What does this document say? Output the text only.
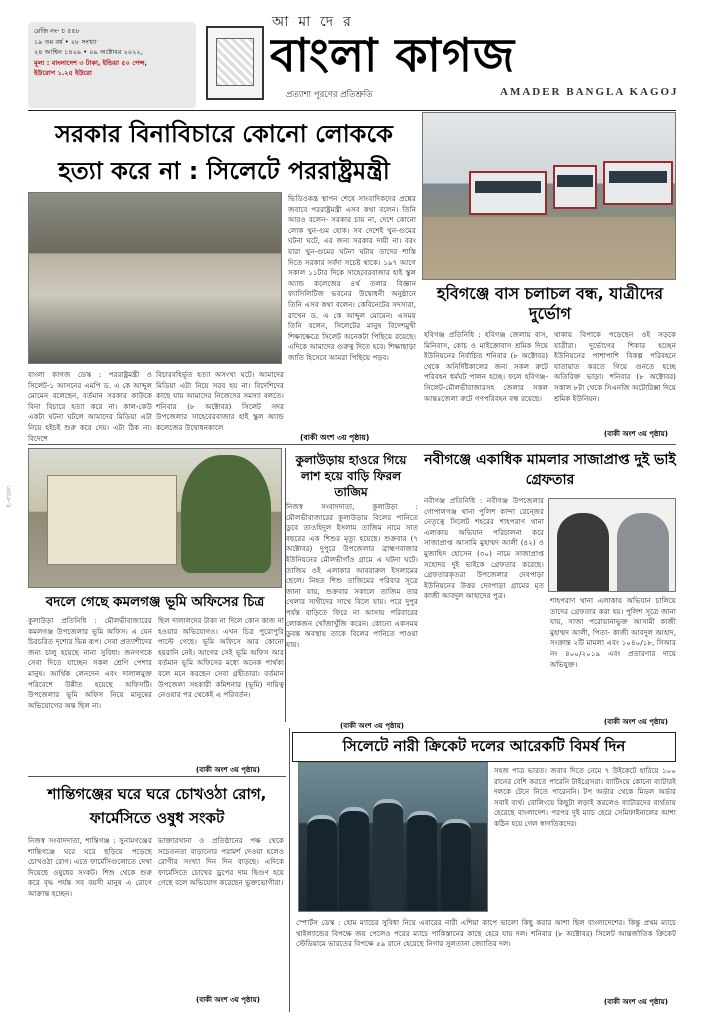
রেজি নং- চ ৫৫৮
১৯ তম বর্ষ • ২৮ সংখ্যা
২৪ আশ্বিন ১৪২৯ • ০৯ অক্টোবর ২০২২,
মূল্য : বাংলাদেশ ৩ টাকা, ইন্ডিয়া ৫০ পেন্স,
ইউরোপ ১.২৫ ইউরো
আমাদের
বাংলা কাগজ
প্রত্যাশা পূরণের প্রতিশ্রুতি	AMADER BANGLA KAGOJ
সরকার বিনাবিচারে কোনো লোককে হত্যা করে না : সিলেটে পররাষ্ট্রমন্ত্রী
ভিডিওকন্ত্র স্থাপন শেষে সাংবাদিকদের প্রশ্নের জবাবে পররাষ্ট্রমন্ত্রী এসব কথা বলেন। তিনি আরও বলেন- সরকার চায় না, দেশে কোনো লোক খুন-গুম হোক। সব দেশেই খুন-গুমের ঘটনা ঘটে, এর জন্য সরকার দায়ী না। বরং যারা খুন-গুমের ঘটনা ঘটায় তাদের শাস্তি দিতে সরকার সর্বদা সচেষ্ট থাকে। ১৯৭ আগে সকাল ১১টার দিকে সাহেবেরবাজার হাই স্কুল অ্যান্ড কলেজের ৪র্থ তলার বিজ্ঞান ফ্যাসিলিটিজ ভবনের উদ্বোধনী অনুষ্ঠানে তিনি এসব কথা বলেন। কেবিনেটের সদস্যরা, রাখেন ড. এ কে আব্দুল মোমেন। এসময় তিনি বলেন, সিলেটের মানুষ বিদেশমুখী শিক্ষাক্ষেত্রে সিলেট অনেকটা পিছিয়ে রয়েছে। এদিকে আমাদের গুরুত্ব দিতে হবে। শিক্ষাছাড়া জাতি হিসেবে আমরা পিছিয়ে পড়ব।
বাংলা কাগজ ডেস্ক : পররাষ্ট্রমন্ত্রী ও সিলেট-১ আসনের এমপি ড. এ কে আব্দুল মোমেন বলেছেন, বর্তমান সরকার কাউকে বিনা বিচারে হত্যা করে না। কাল-কেউ একটা ঘটনা ঘটলে আমাদের মিডিয়া এটা নিয়ে হইচই শুরু করে দেয়। এটা ঠিক না। বিদেশে
বিচারবহির্ভূত হত্যা অসংখ্য ঘটে। আমাদের মিডিয়া এটা নিয়ে সরব হয় না। বিদেশিদের কাছে যায় আমাদের নিজেদের সমস্যা বলতে। শনিবার (৮ অক্টোবর) সিলেট সদর উপজেলার সাহেবেরবাজার হাই স্কুল অ্যান্ড কলেজের উদ্বোধনকালে
(বাকী অংশ ৩য় পৃষ্ঠায়)
হবিগঞ্জে বাস চলাচল বন্ধ, যাত্রীদের দুর্ভোগ
হবিগঞ্জ প্রতিনিধি : হবিগঞ্জ জেলায় বাস, মিনিবাস, কোচ ও মাইক্রোবাস শ্রমিক দিয়ে ইউনিয়নের নির্বাচিত শনিবার (৮ অক্টোবর) থেকে অনির্দিষ্টকালের জন্য সকল রুটে পরিবহন ধর্মঘট পালন হচ্ছে। ফলে হবিগঞ্জ-সিলেট-মৌলভীবাজারসহ জেলার সকল আন্তঃজেলা রুটে গণপরিবহন বন্ধ রয়েছে।
থাকায় বিপাকে পড়েছেন ওই সড়কে যাত্রীরা। দুর্ভোগের শিকার হচ্ছেন ইউনিয়নের পাশাপাশি বিকল্প পরিবহনে যাতায়াত করতে গিয়ে গুনতে হচ্ছে অতিরিক্ত ভাড়া। শনিবার (৮ অক্টোবর) সকাল ৮টা থেকে সিএনজি অটোরিক্সা দিয়ে শ্রমিক ইউনিয়ন।
(বাকী অংশ ৩য় পৃষ্ঠায়)
কুলাউড়ায় হাওরে গিয়ে লাশ হয়ে বাড়ি ফিরল তাজিম
নিজস্ব সংবাদদাতা, কুলাউড়া : মৌলভীবাজারের কুলাউড়ায় বিলের পানিতে ডুবে তাওহিদুল ইসলাম তাজিম নামে সাত বছরের এক শিশুর মৃত্যু হয়েছে। শুক্রবার (৭ অক্টোবর) দুপুরে উপজেলার ব্রাহ্মণবাজার ইউনিয়নের মৌলভীগাঁও গ্রামে এ ঘটনা ঘটে। তাজিম ওই এলাকার আবরারুল ইসলামের ছেলে। নিহত শিশু তাজিমের পরিবার সূত্রে জানা যায়, শুক্রবার সকালে তাজিম তার খেলার সাথীদের সাথে বিলে যায়। পরে দুপুর পর্যন্ত বাড়িতে ফিরে না আসায় পরিবারের লোকজন খোঁজাখুঁজি করেন। কোনো একসময় ডুবন্ত অবস্থায় তাকে বিলের পানিতে পাওয়া যায়।
(বাকী অংশ ৩য় পৃষ্ঠায়)
নবীগঞ্জে একাধিক মামলার সাজাপ্রাপ্ত দুই ভাই গ্রেফতার
নবীগঞ্জ প্রতিনিধি : নবীগঞ্জ উপজেলার গোপালগঞ্জ থানা পুলিশ কান্দা রেন্জের নেতৃত্বে সিলেট শহরের শাহপরাণ থানা এলাকায় অভিযান পরিচালনা করে সাজাপ্রাপ্ত আসামি মুহাম্মদ আলী (৪২) ও মুজাহিদ হোসেন (৩০) নামে সাজাপ্রাপ্ত সহোদর দুই ভাইকে গ্রেফতার করেছে। গ্রেফতারকৃতরা উপজেলার দেবপাড়া ইউনিয়নের উত্তর দেবপাড়া গ্রামের মৃত কাজী আবদুল আহাদের পুত্র।
শাহপরাণ থানা এলাকায় অভিযান চালিয়ে তাদের গ্রেফতার করা হয়। পুলিশ সূত্রে জানা যায়, সাজা পরোয়ানাভুক্ত আসামী কাজী মুহাম্মদ আলী, পিতা- কাজী আবদুল আহাদ, সংক্রান্ত ২টি মামলা এবং ১০৪০/১৮, সিআর নং ৪০০/২০১৯ এবং প্রতারণার দায়ে অভিযুক্ত।
(বাকী অংশ ৩য় পৃষ্ঠায়)
বদলে গেছে কমলগঞ্জ ভূমি অফিসের চিত্র
কুলাউড়া প্রতিনিধি : মৌলভীবাজারের কমলগঞ্জ উপজেলার ভূমি অফিস। এ যেন চিরচরিত দৃশ্যের ভিন্ন রূপ। সেবা প্রত্যাশীদের জন্য চালু হয়েছে নানা সুবিধা। জনগণকে সেবা দিতে যাচ্ছেন সকল শ্রেণি পেশার মানুষ। আর্থিক লেনদেন এবং দালালমুক্ত পরিবেশে উন্নীত হয়েছে অফিসটি। উপজেলার ভূমি অফিস নিয়ে মানুষের অভিযোগের অন্ত ছিল না।
ছিল দালালদের টাকা না দিলে কোন কাজ না হওয়ার অভিযোগও। এখন চিত্র পুরোপুরি পাল্টে গেছে। ভূমি অফিসে আর কোনো হয়রানি নেই। আগের সেই ভূমি অফিস আর বর্তমান ভূমি অফিসের মধ্যে অনেক পার্থক্য বলে মনে করছেন সেবা গ্রহীতারা। বর্তমান উপজেলা সহকারী কমিশনার (ভূমি) দায়িত্ব নেওয়ার পর থেকেই এ পরিবর্তন।
(বাকী অংশ ৩য় পৃষ্ঠায়)
শান্তিগঞ্জের ঘরে ঘরে চোখওঠা রোগ, ফার্মেসিতে ওষুধ সংকট
নিজস্ব সংবাদদাতা, শান্তিগঞ্জ : সুনামগঞ্জের শান্তিগঞ্জে ঘরে ঘরে ছড়িয়ে পড়েছে চোখওঠা রোগ। এতে ফার্মেসিগুলোতে দেখা দিয়েছে ওষুধের সংকট। শিশু থেকে শুরু করে বৃদ্ধ পর্যন্ত সব বয়সী মানুষ এ রোগে আক্রান্ত হচ্ছেন।
ভাক্তারখানা ও প্রতিষ্ঠানের পক্ষ থেকে সচেতনতা বাড়ানোর পরামর্শ দেওয়া হলেও রোগীর সংখ্যা দিন দিন বাড়ছে। এদিকে ফার্মেসিতে চোখের ড্রপের দাম দ্বিগুণ হয়ে গেছে বলে অভিযোগ করেছেন ভুক্তভোগীরা।
(বাকী অংশ ৩য় পৃষ্ঠায়)
সিলেটে নারী ক্রিকেট দলের আরেকটি বিমর্ষ দিন
সহজ পাত্র ভারত। জবাব দিতে নেমে ৭ উইকেটে হারিয়ে ১০০ রানের বেশি করতে পারেনি টাইগ্রেসরা। ব্যাটিংয়ে কোনো ব্যাটারই দলকে টেনে নিতে পারেননি। টপ অর্ডার থেকে মিডল অর্ডার সবাই ব্যর্থ। বোলিংয়ে কিছুটা লড়াই করলেও ব্যাটারদের ব্যর্থতায় হেরেছে বাংলাদেশ। পরপর দুই ম্যাচ হেরে সেমিফাইনালের আশা কঠিন হয়ে গেল স্বাগতিকদের।
স্পোর্টস ডেস্ক : হোম ম্যাচের সুবিধা নিয়ে এবারের নারী এশিয়া কাপে ভালো কিছু করার আশা ছিল বাংলাদেশের। কিন্তু প্রথম ম্যাচে থাইল্যান্ডের বিপক্ষে জয় পেলেও পরের ম্যাচে পাকিস্তানের কাছে হেরে যায় দল। শনিবার (৮ অক্টোবর) সিলেট আন্তর্জাতিক ক্রিকেট স্টেডিয়ামে ভারতের বিপক্ষে ৫৯ রানে হেরেছে নিগার সুলতানা জ্যোতির দল।
(বাকী অংশ ৩য় পৃষ্ঠায়)
ই-পত্রিকা
